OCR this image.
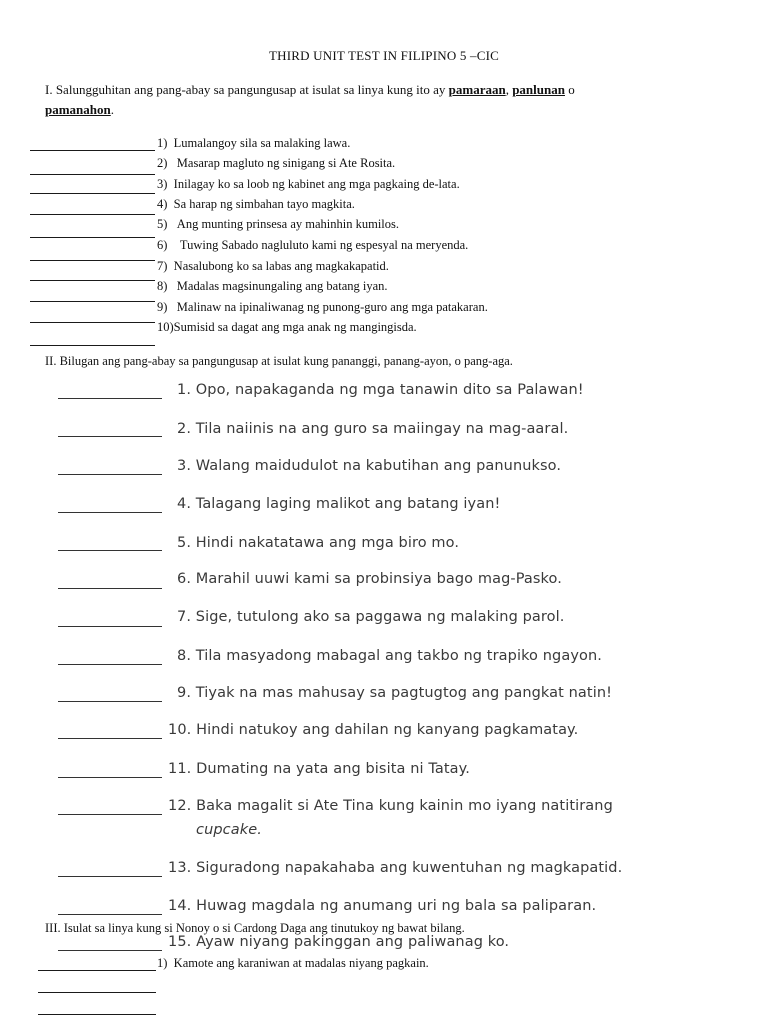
THIRD UNIT TEST IN FILIPINO 5 –CIC
I. Salungguhitan ang pang-abay sa pangungusap at isulat sa linya kung ito ay pamaraan, panlunan o
pamanahon.
1) Lumalangoy sila sa malaking lawa.
2) Masarap magluto ng sinigang si Ate Rosita.
3) Inilagay ko sa loob ng kabinet ang mga pagkaing de-lata.
4) Sa harap ng simbahan tayo magkita.
5) Ang munting prinsesa ay mahinhin kumilos.
6) Tuwing Sabado nagluluto kami ng espesyal na meryenda.
7) Nasalubong ko sa labas ang magkakapatid.
8) Madalas magsinungaling ang batang iyan.
9) Malinaw na ipinaliwanag ng punong-guro ang mga patakaran.
10)Sumisid sa dagat ang mga anak ng mangingisda.
II. Bilugan ang pang-abay sa pangungusap at isulat kung pananggi, panang-ayon, o pang-aga.
1. Opo, napakaganda ng mga tanawin dito sa Palawan!
2. Tila naiinis na ang guro sa maiingay na mag-aaral.
3. Walang maidudulot na kabutihan ang panunukso.
4. Talagang laging malikot ang batang iyan!
5. Hindi nakatatawa ang mga biro mo.
6. Marahil uuwi kami sa probinsiya bago mag-Pasko.
7. Sige, tutulong ako sa paggawa ng malaking parol.
8. Tila masyadong mabagal ang takbo ng trapiko ngayon.
9. Tiyak na mas mahusay sa pagtugtog ang pangkat natin!
10. Hindi natukoy ang dahilan ng kanyang pagkamatay.
11. Dumating na yata ang bisita ni Tatay.
12. Baka magalit si Ate Tina kung kainin mo iyang natitirang
cupcake.
13. Siguradong napakahaba ang kuwentuhan ng magkapatid.
14. Huwag magdala ng anumang uri ng bala sa paliparan.
15. Ayaw niyang pakinggan ang paliwanag ko.
III. Isulat sa linya kung si Nonoy o si Cardong Daga ang tinutukoy ng bawat bilang.
1) Kamote ang karaniwan at madalas niyang pagkain.
